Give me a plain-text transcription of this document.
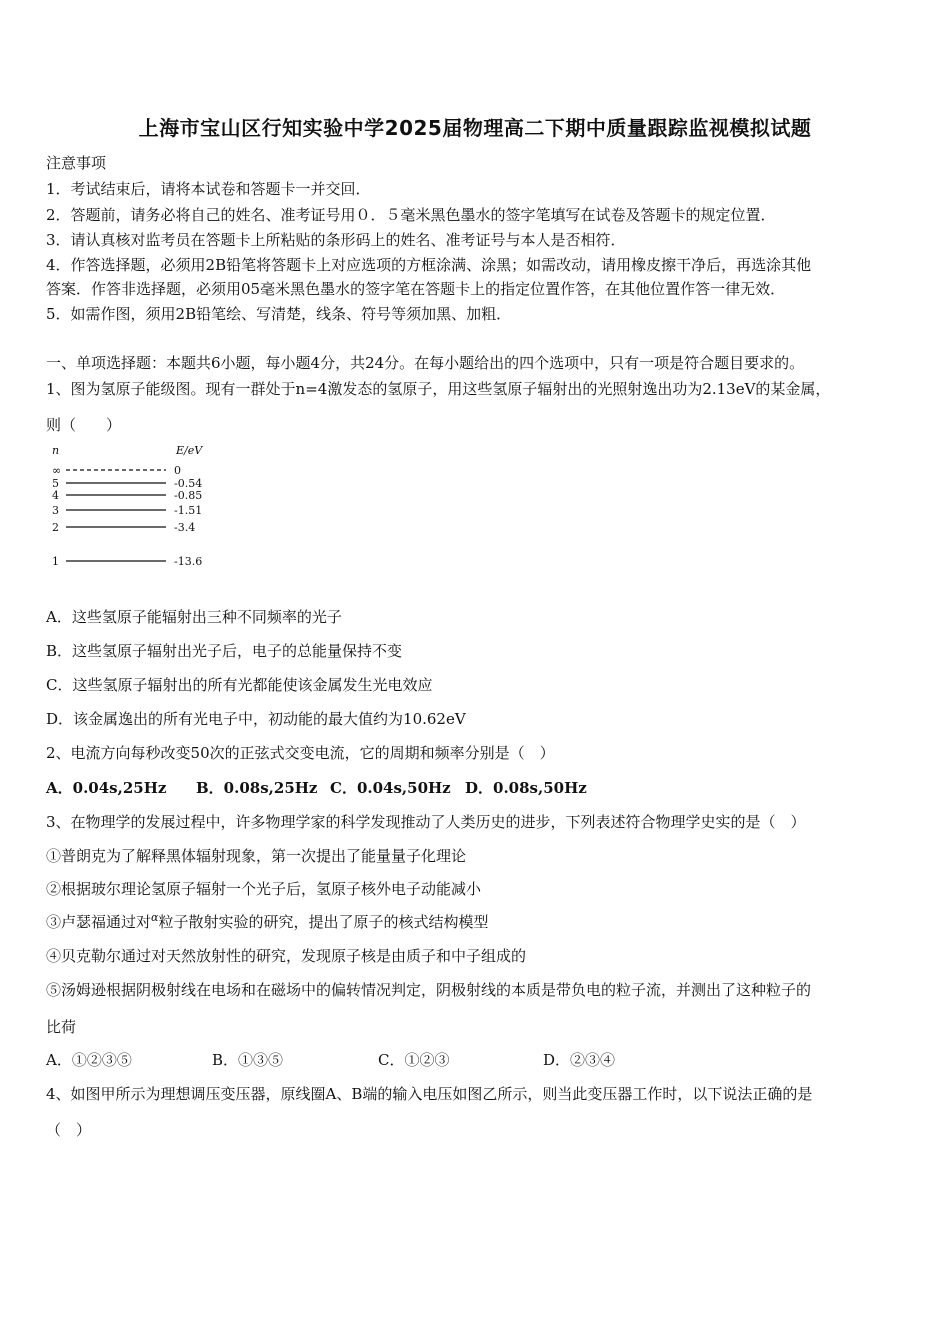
上海市宝山区行知实验中学2025届物理高二下期中质量跟踪监视模拟试题
注意事项
1．考试结束后，请将本试卷和答题卡一并交回．
2．答题前，请务必将自己的姓名、准考证号用０．５毫米黑色墨水的签字笔填写在试卷及答题卡的规定位置．
3．请认真核对监考员在答题卡上所粘贴的条形码上的姓名、准考证号与本人是否相符．
4．作答选择题，必须用2B铅笔将答题卡上对应选项的方框涂满、涂黑；如需改动，请用橡皮擦干净后，再选涂其他
答案．作答非选择题，必须用05毫米黑色墨水的签字笔在答题卡上的指定位置作答，在其他位置作答一律无效．
5．如需作图，须用2B铅笔绘、写清楚，线条、符号等须加黑、加粗．
一、单项选择题：本题共6小题，每小题4分，共24分。在每小题给出的四个选项中，只有一项是符合题目要求的。
1、图为氢原子能级图。现有一群处于n=4激发态的氢原子，用这些氢原子辐射出的光照射逸出功为2.13eV的某金属，
则（　　）
n	E/eV
∞	0
5	-0.54
4	-0.85
3	-1.51
2	-3.4
1	-13.6
A．这些氢原子能辐射出三种不同频率的光子
B．这些氢原子辐射出光子后，电子的总能量保持不变
C．这些氢原子辐射出的所有光都能使该金属发生光电效应
D．该金属逸出的所有光电子中，初动能的最大值约为10.62eV
2、电流方向每秒改变50次的正弦式交变电流，它的周期和频率分别是（　）
A．0.04s,25Hz B．0.08s,25Hz C．0.04s,50Hz D．0.08s,50Hz
3、在物理学的发展过程中，许多物理学家的科学发现推动了人类历史的进步，下列表述符合物理学史实的是（　）
①普朗克为了解释黑体辐射现象，第一次提出了能量量子化理论
②根据玻尔理论氢原子辐射一个光子后，氢原子核外电子动能减小
③卢瑟福通过对$^\alpha$粒子散射实验的研究，提出了原子的核式结构模型
④贝克勒尔通过对天然放射性的研究，发现原子核是由质子和中子组成的
⑤汤姆逊根据阴极射线在电场和在磁场中的偏转情况判定，阴极射线的本质是带负电的粒子流，并测出了这种粒子的
比荷
A．①②③⑤	B．①③⑤	C．①②③	D．②③④
4、如图甲所示为理想调压变压器，原线圈A、B端的输入电压如图乙所示，则当此变压器工作时，以下说法正确的是
（　）
